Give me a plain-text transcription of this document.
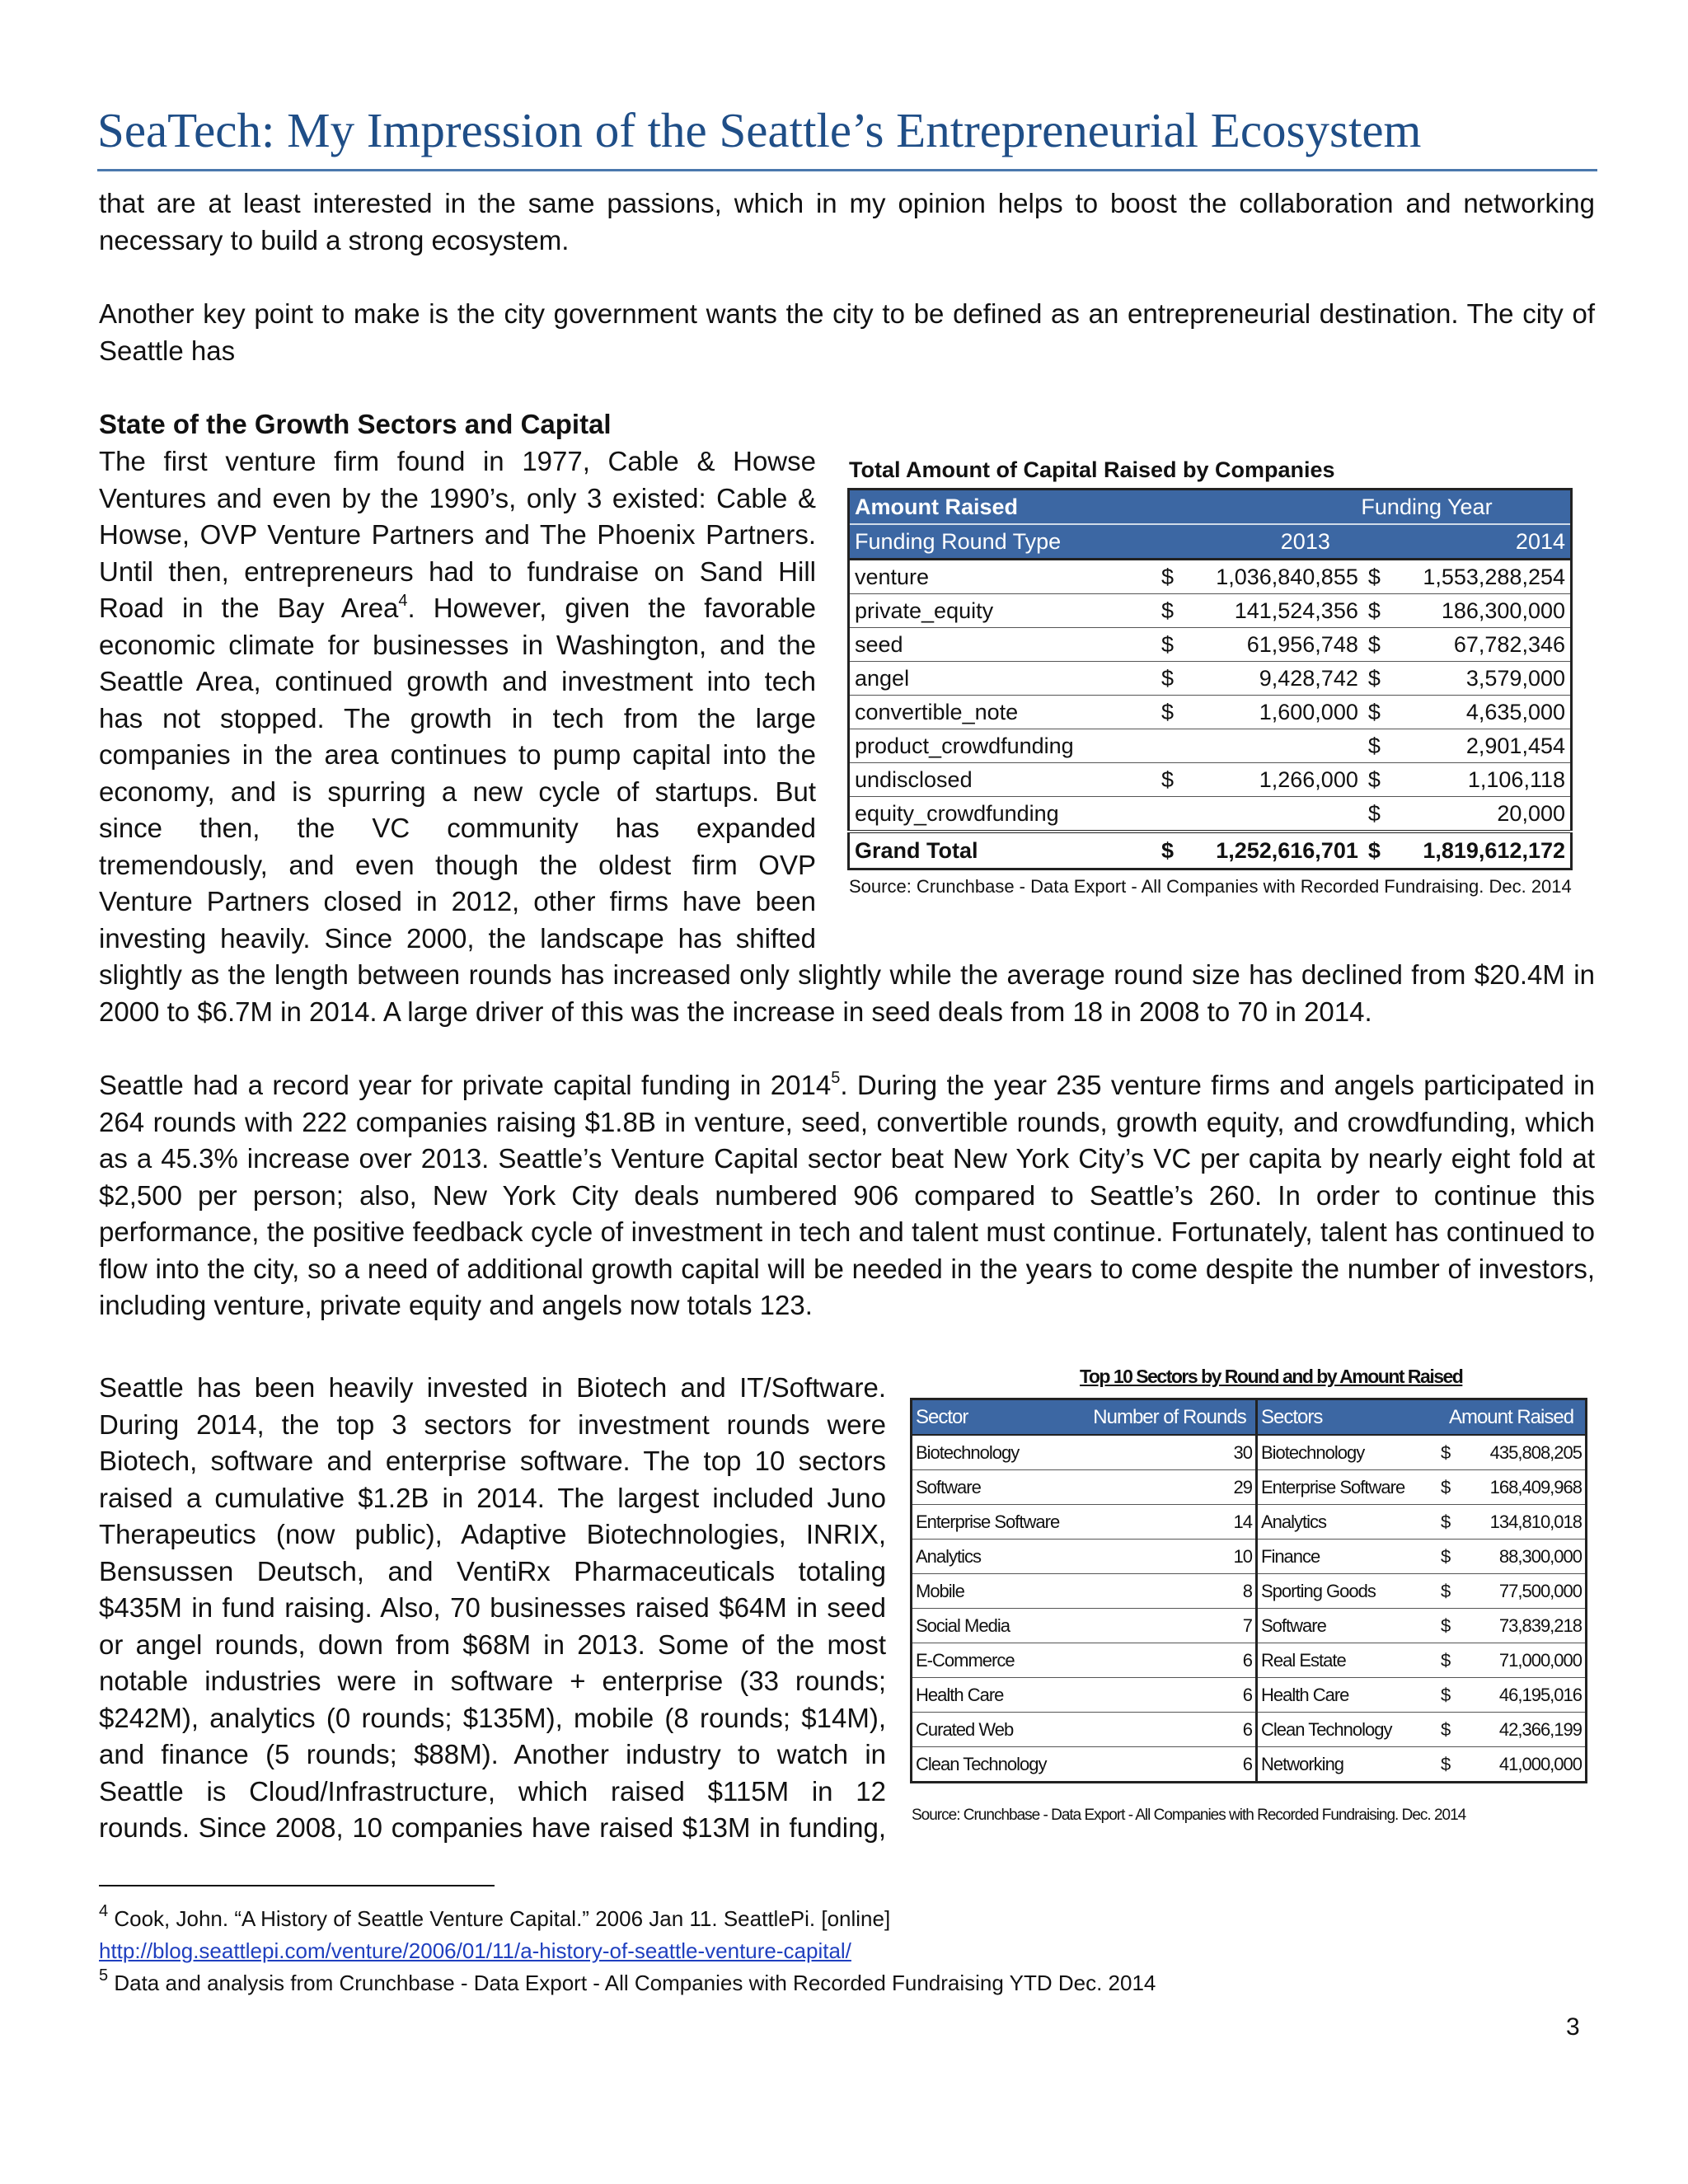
SeaTech: My Impression of the Seattle’s Entrepreneurial Ecosystem

that are at least interested in the same passions, which in my opinion helps to boost the collaboration and networking necessary to build a strong ecosystem.

Another key point to make is the city government wants the city to be defined as an entrepreneurial destination. The city of Seattle has

State of the Growth Sectors and Capital

The first venture firm found in 1977, Cable & Howse
Ventures and even by the 1990’s, only 3 existed: Cable &
Howse, OVP Venture Partners and The Phoenix Partners.
Until then, entrepreneurs had to fundraise on Sand Hill
Road in the Bay Area$^4$. However, given the favorable
economic climate for businesses in Washington, and the
Seattle Area, continued growth and investment into tech
has not stopped. The growth in tech from the large
companies in the area continues to pump capital into the
economy, and is spurring a new cycle of startups. But
since then, the VC community has expanded
tremendously, and even though the oldest firm OVP
Venture Partners closed in 2012, other firms have been
investing heavily. Since 2000, the landscape has shifted

slightly as the length between rounds has increased only slightly while the average round size has declined from $20.4M in 2000 to $6.7M in 2014. A large driver of this was the increase in seed deals from 18 in 2008 to 70 in 2014.

Seattle had a record year for private capital funding in 2014$^5$. During the year 235 venture firms and angels participated in 264 rounds with 222 companies raising $1.8B in venture, seed, convertible rounds, growth equity, and crowdfunding, which as a 45.3% increase over 2013. Seattle’s Venture Capital sector beat New York City’s VC per capita by nearly eight fold at $2,500 per person; also, New York City deals numbered 906 compared to Seattle’s 260. In order to continue this performance, the positive feedback cycle of investment in tech and talent must continue. Fortunately, talent has continued to flow into the city, so a need of additional growth capital will be needed in the years to come despite the number of investors, including venture, private equity and angels now totals 123.

Seattle has been heavily invested in Biotech and IT/Software.
During 2014, the top 3 sectors for investment rounds were
Biotech, software and enterprise software. The top 10 sectors
raised a cumulative $1.2B in 2014. The largest included Juno
Therapeutics (now public), Adaptive Biotechnologies, INRIX,
Bensussen Deutsch, and VentiRx Pharmaceuticals totaling
$435M in fund raising. Also, 70 businesses raised $64M in seed
or angel rounds, down from $68M in 2013. Some of the most
notable industries were in software + enterprise (33 rounds;
$242M), analytics (0 rounds; $135M), mobile (8 rounds; $14M),
and finance (5 rounds; $88M). Another industry to watch in
Seattle is Cloud/Infrastructure, which raised $115M in 12
rounds. Since 2008, 10 companies have raised $13M in funding,
Total Amount of Capital Raised by Companies
Amount Raised	Funding Year			
Funding Round Type	2013		2014	
venture	$	1,036,840,855	$	1,553,288,254
private_equity	$	141,524,356	$	186,300,000
seed	$	61,956,748	$	67,782,346
angel	$	9,428,742	$	3,579,000
convertible_note	$	1,600,000	$	4,635,000
product_crowdfunding			$	2,901,454
undisclosed	$	1,266,000	$	1,106,118
equity_crowdfunding			$	20,000
Grand Total	$	1,252,616,701	$	1,819,612,172
Source: Crunchbase - Data Export - All Companies with Recorded Fundraising. Dec. 2014
Top 10 Sectors by Round and by Amount Raised
Sector	Number of Rounds	Sectors	Amount Raised	
Biotechnology	30	Biotechnology	$	435,808,205
Software	29	Enterprise Software	$	168,409,968
Enterprise Software	14	Analytics	$	134,810,018
Analytics	10	Finance	$	88,300,000
Mobile	8	Sporting Goods	$	77,500,000
Social Media	7	Software	$	73,839,218
E-Commerce	6	Real Estate	$	71,000,000
Health Care	6	Health Care	$	46,195,016
Curated Web	6	Clean Technology	$	42,366,199
Clean Technology	6	Networking	$	41,000,000
Source: Crunchbase - Data Export - All Companies with Recorded Fundraising. Dec. 2014
$^4$ Cook, John. “A History of Seattle Venture Capital.” 2006 Jan 11. SeattlePi. [online]
http://blog.seattlepi.com/venture/2006/01/11/a-history-of-seattle-venture-capital/
$^5$ Data and analysis from Crunchbase - Data Export - All Companies with Recorded Fundraising YTD Dec. 2014
3
